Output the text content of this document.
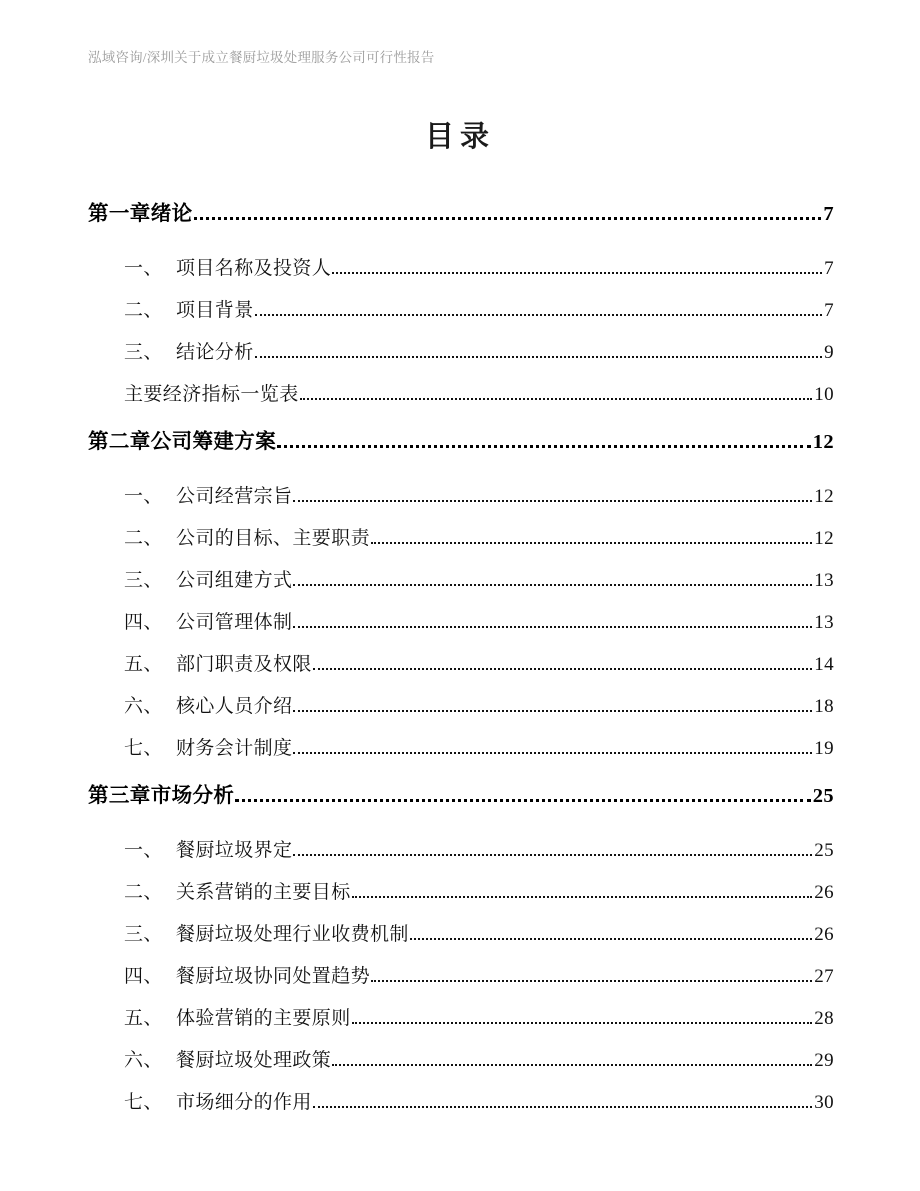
泓域咨询/深圳关于成立餐厨垃圾处理服务公司可行性报告
目录
第一章 绪论	7
一、 项目名称及投资人	7
二、 项目背景	7
三、 结论分析	9
主要经济指标一览表	10
第二章 公司筹建方案	12
一、 公司经营宗旨	12
二、 公司的目标、主要职责	12
三、 公司组建方式	13
四、 公司管理体制	13
五、 部门职责及权限	14
六、 核心人员介绍	18
七、 财务会计制度	19
第三章 市场分析	25
一、 餐厨垃圾界定	25
二、 关系营销的主要目标	26
三、 餐厨垃圾处理行业收费机制	26
四、 餐厨垃圾协同处置趋势	27
五、 体验营销的主要原则	28
六、 餐厨垃圾处理政策	29
七、 市场细分的作用	30
